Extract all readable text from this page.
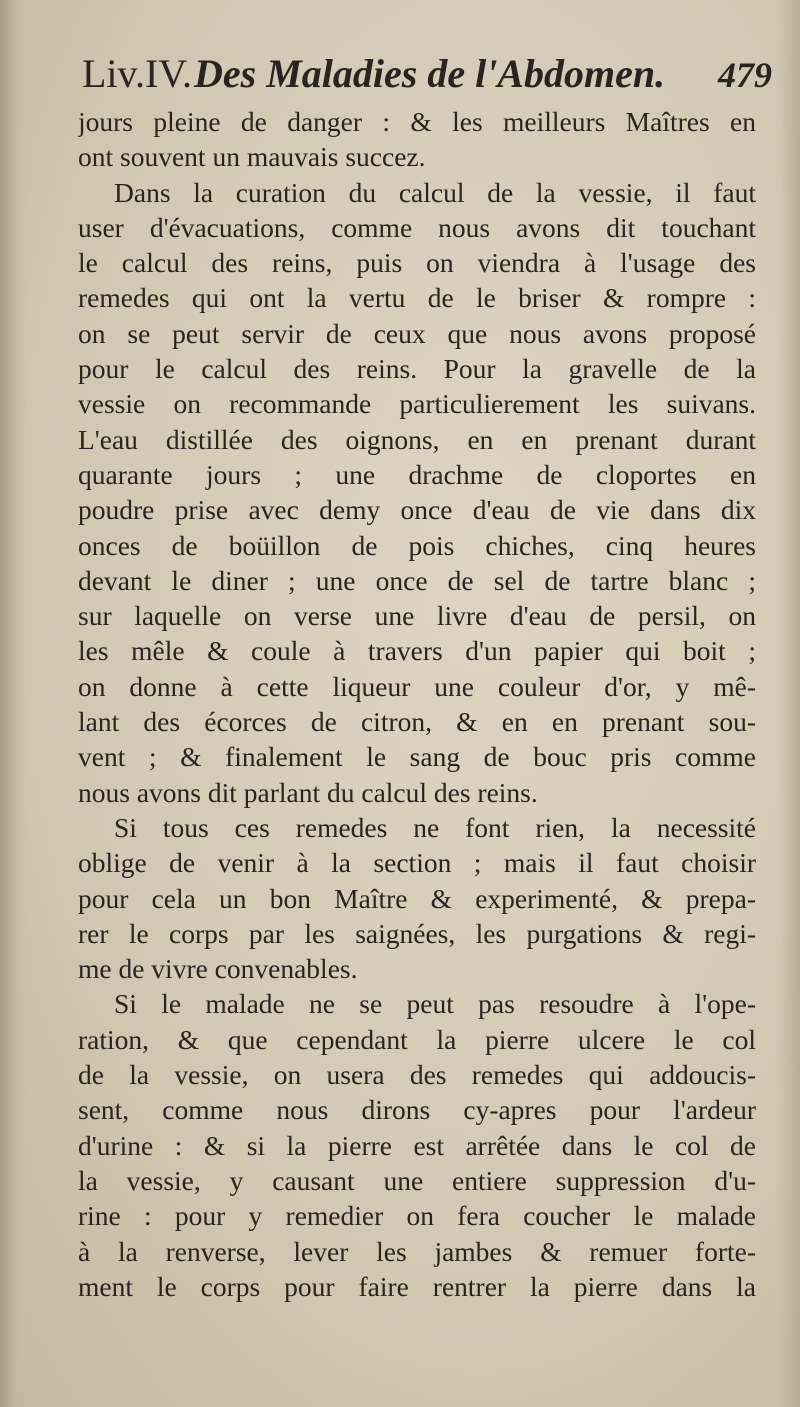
Liv.IV. Des Maladies de l'Abdomen. 479
jours pleine de danger : & les meilleurs Maîtres en
ont souvent un mauvais succez.
Dans la curation du calcul de la vessie, il faut
user d'évacuations, comme nous avons dit touchant
le calcul des reins, puis on viendra à l'usage des
remedes qui ont la vertu de le briser & rompre :
on se peut servir de ceux que nous avons proposé
pour le calcul des reins. Pour la gravelle de la
vessie on recommande particulierement les suivans.
L'eau distillée des oignons, en en prenant durant
quarante jours ; une drachme de cloportes en
poudre prise avec demy once d'eau de vie dans dix
onces de boüillon de pois chiches, cinq heures
devant le diner ; une once de sel de tartre blanc ;
sur laquelle on verse une livre d'eau de persil, on
les mêle & coule à travers d'un papier qui boit ;
on donne à cette liqueur une couleur d'or, y mê-
lant des écorces de citron, & en en prenant sou-
vent ; & finalement le sang de bouc pris comme
nous avons dit parlant du calcul des reins.
Si tous ces remedes ne font rien, la necessité
oblige de venir à la section ; mais il faut choisir
pour cela un bon Maître & experimenté, & prepa-
rer le corps par les saignées, les purgations & regi-
me de vivre convenables.
Si le malade ne se peut pas resoudre à l'ope-
ration, & que cependant la pierre ulcere le col
de la vessie, on usera des remedes qui addoucis-
sent, comme nous dirons cy-apres pour l'ardeur
d'urine : & si la pierre est arrêtée dans le col de
la vessie, y causant une entiere suppression d'u-
rine : pour y remedier on fera coucher le malade
à la renverse, lever les jambes & remuer forte-
ment le corps pour faire rentrer la pierre dans la
